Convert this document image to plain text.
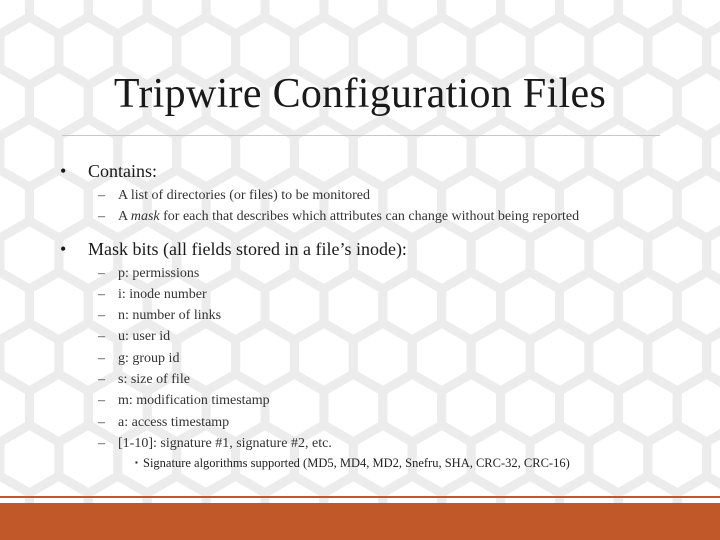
Tripwire Configuration Files
• Contains:
– A list of directories (or files) to be monitored
– A mask for each that describes which attributes can change without being reported
• Mask bits (all fields stored in a file’s inode):
– p: permissions
– i: inode number
– n: number of links
– u: user id
– g: group id
– s: size of file
– m: modification timestamp
– a: access timestamp
– [1-10]: signature #1, signature #2, etc.
▪ Signature algorithms supported (MD5, MD4, MD2, Snefru, SHA, CRC-32, CRC-16)
